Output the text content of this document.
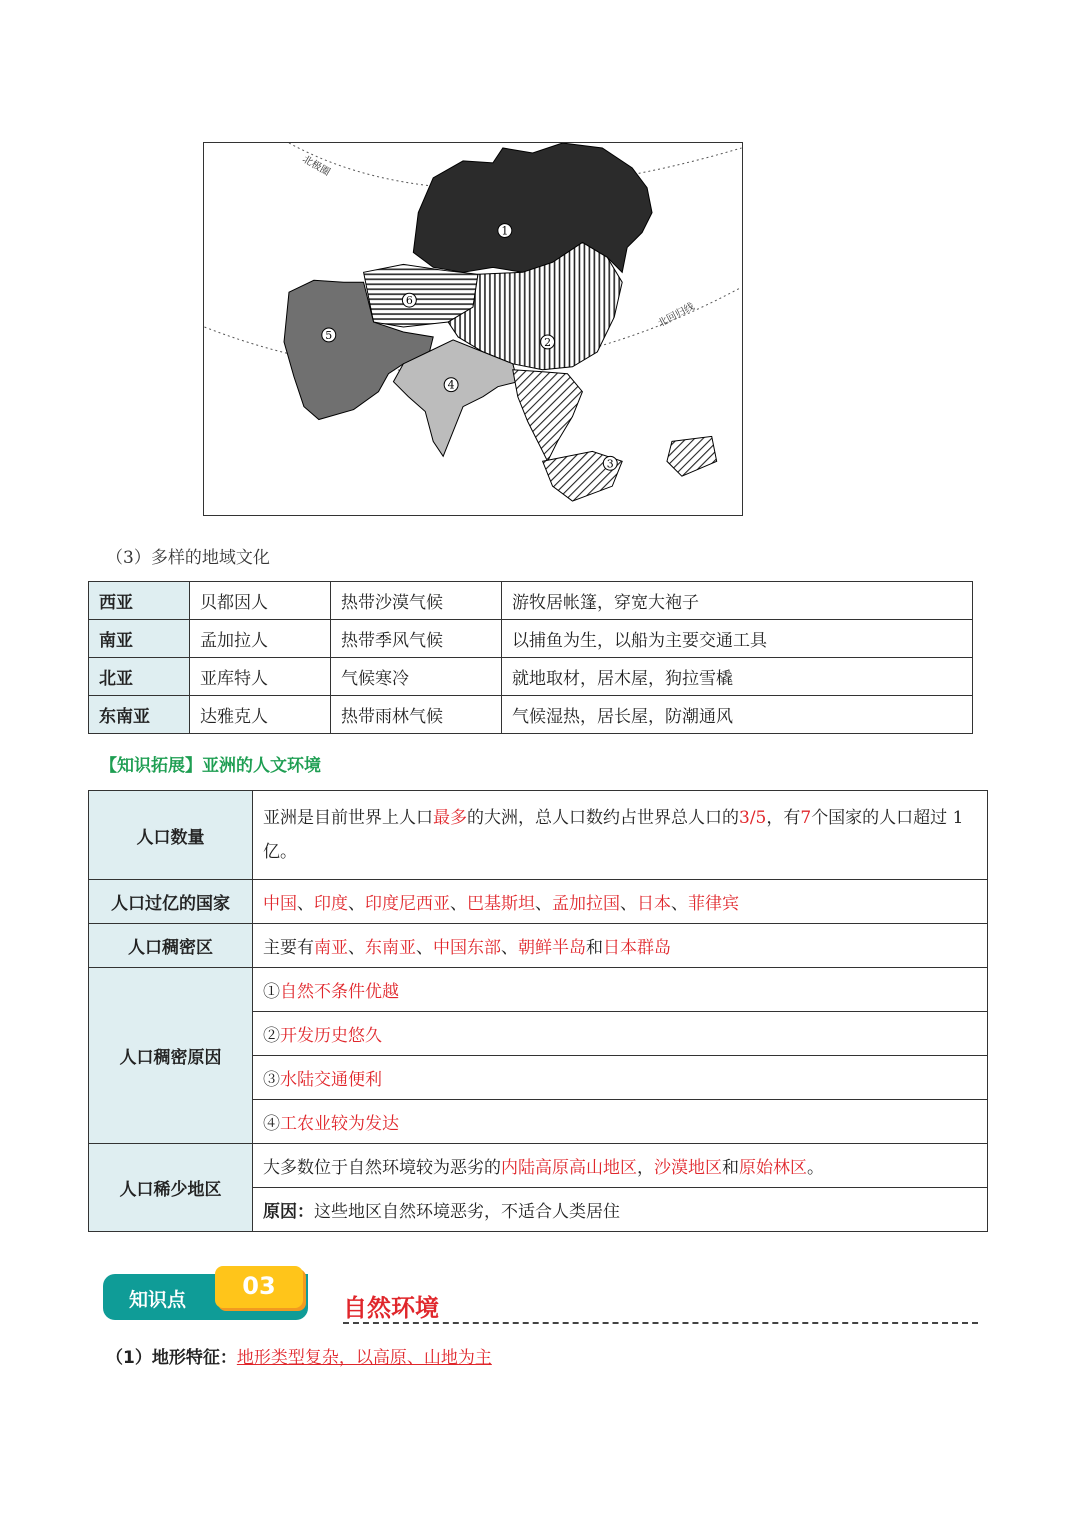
北极圈
北回归线
1
2
3
4
5
6
（3）多样的地域文化
西亚	贝都因人	热带沙漠气候	游牧居帐篷，穿宽大袍子
南亚	孟加拉人	热带季风气候	以捕鱼为生，以船为主要交通工具
北亚	亚库特人	气候寒冷	就地取材，居木屋，狗拉雪橇
东南亚	达雅克人	热带雨林气候	气候湿热，居长屋，防潮通风
【知识拓展】亚洲的人文环境
人口数量	亚洲是目前世界上人口最多的大洲，总人口数约占世界总人口的3/5，有7个国家的人口超过 1 亿。
人口过亿的国家	中国、印度、印度尼西亚、巴基斯坦、孟加拉国、日本、菲律宾
人口稠密区	主要有南亚、东南亚、中国东部、朝鲜半岛和日本群岛
人口稠密原因	①自然不条件优越
	②开发历史悠久
	③水陆交通便利
	④工农业较为发达
人口稀少地区	大多数位于自然环境较为恶劣的内陆高原高山地区，沙漠地区和原始林区。
	原因：这些地区自然环境恶劣，不适合人类居住
知识点	03
自然环境
（1）地形特征：地形类型复杂，以高原、山地为主
